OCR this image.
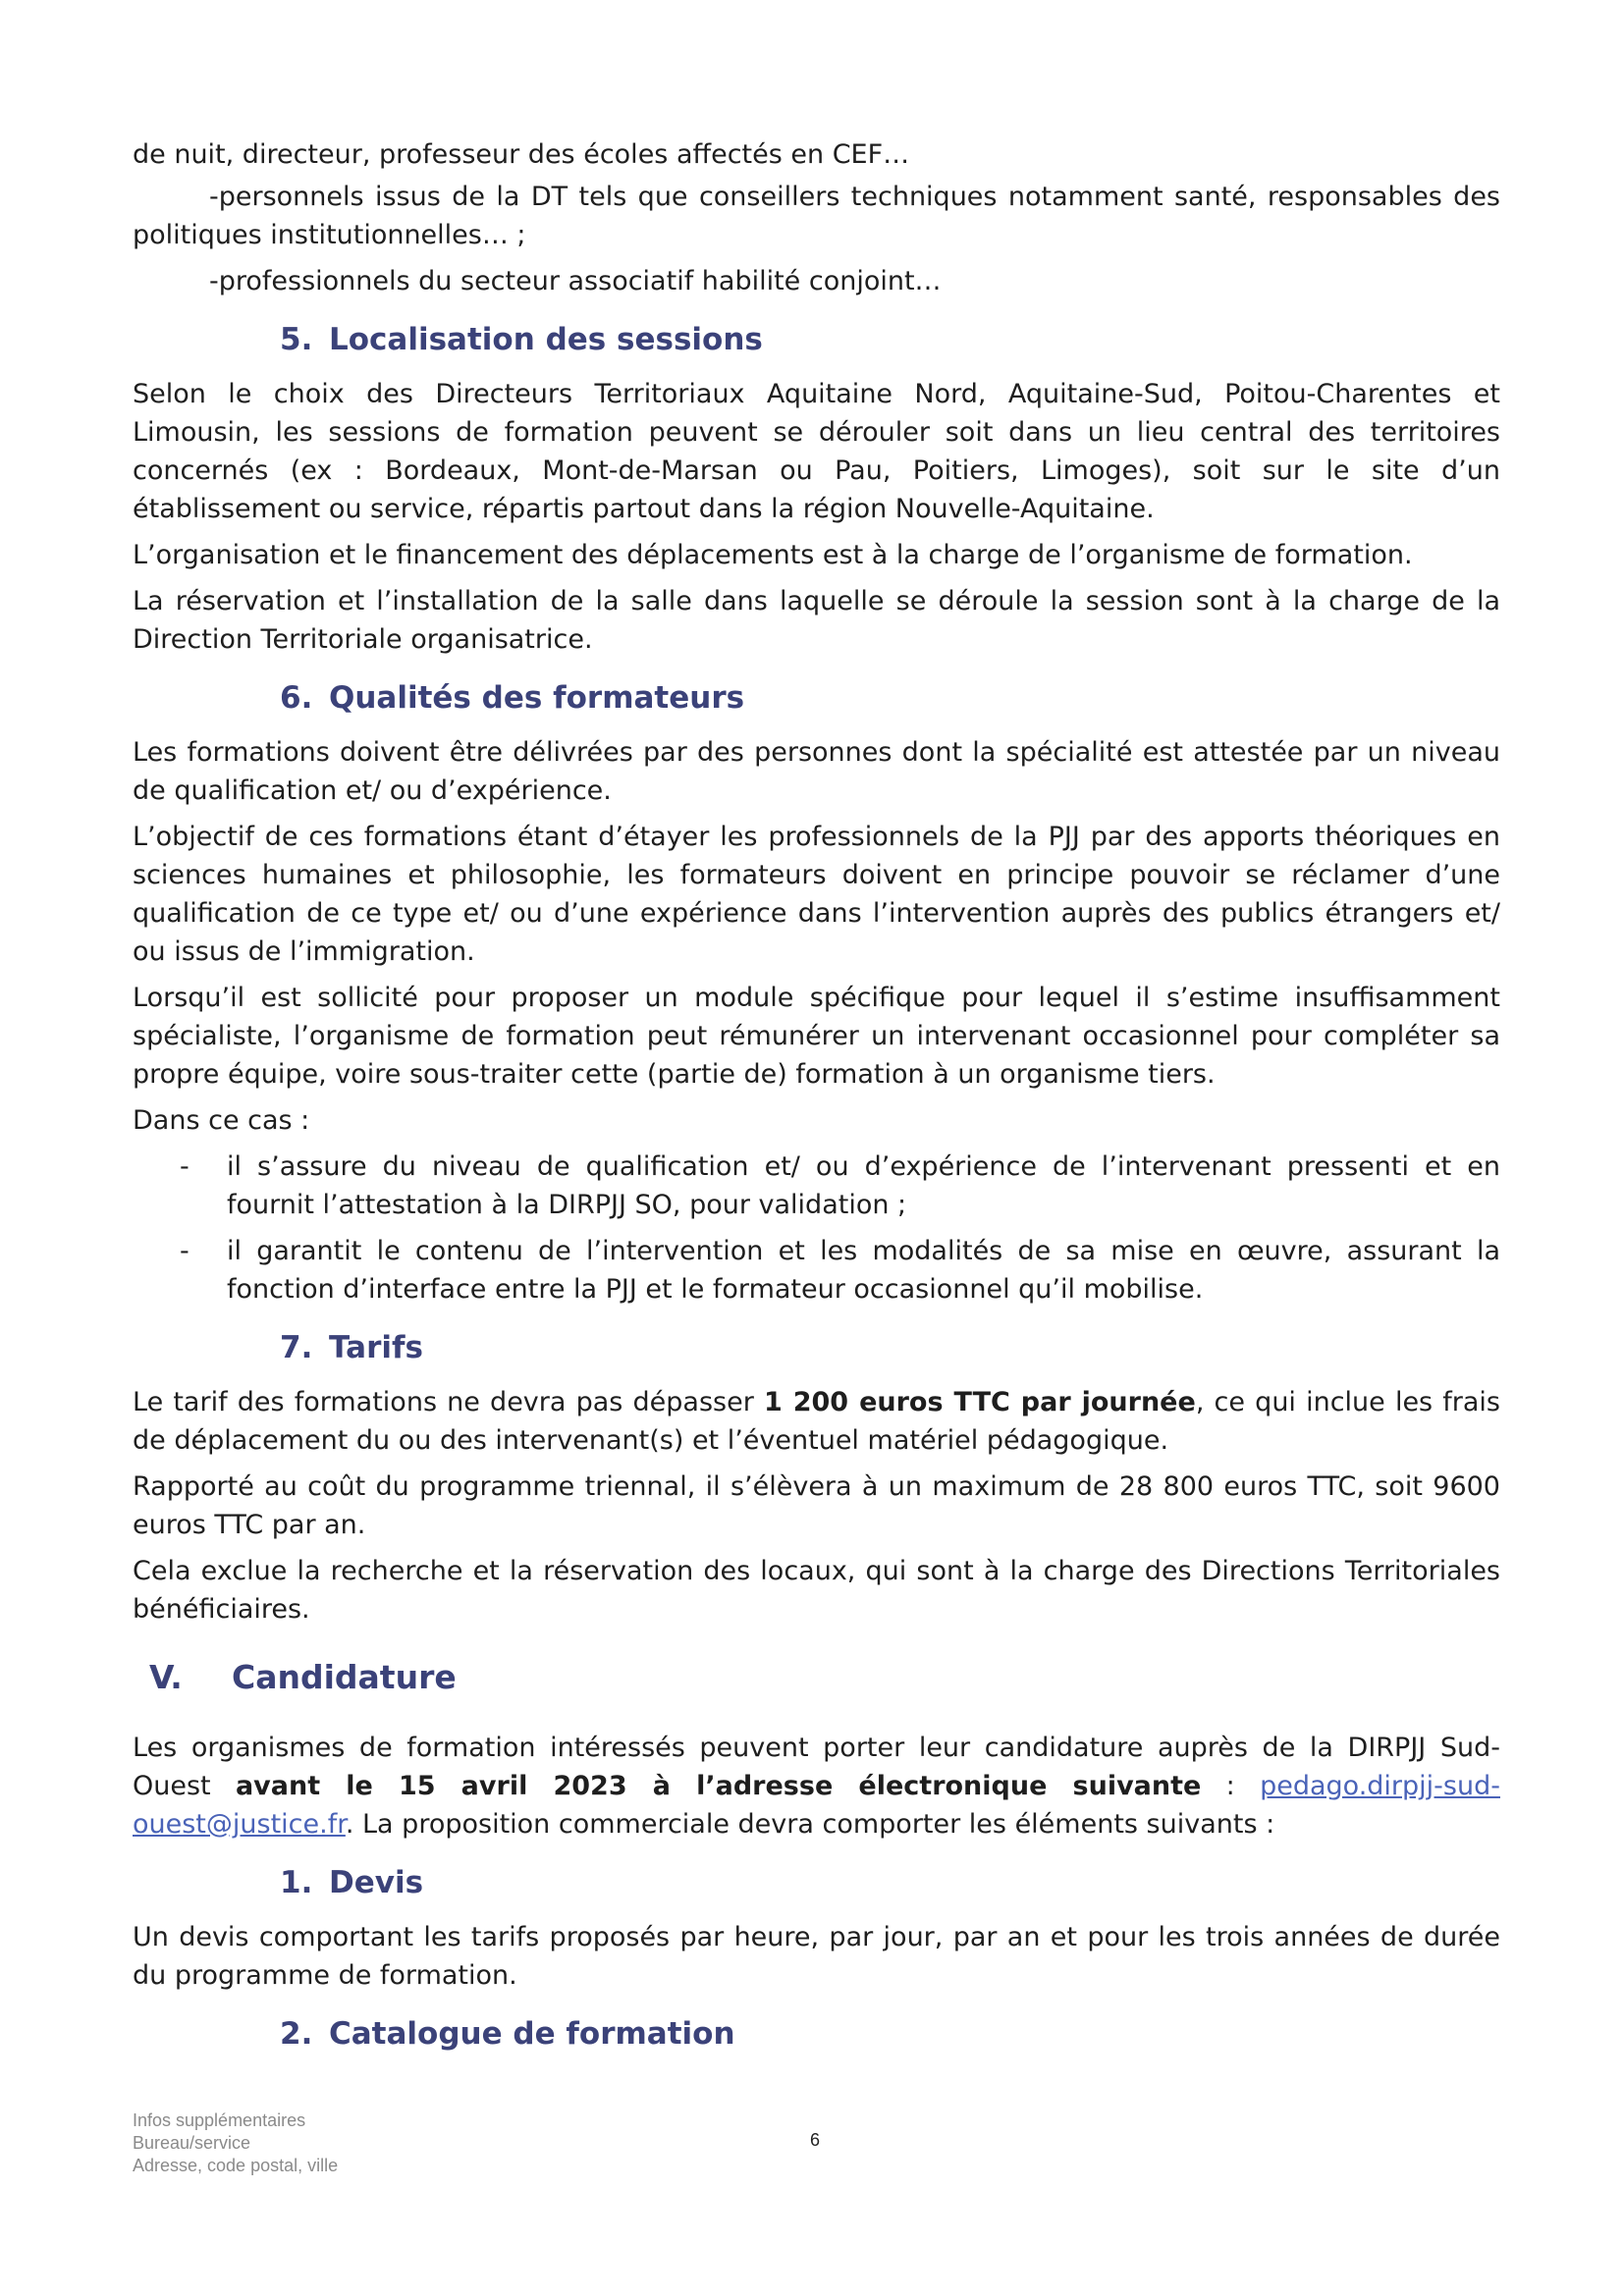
de nuit, directeur, professeur des écoles affectés en CEF…

-personnels issus de la DT tels que conseillers techniques notamment santé, responsables des politiques institutionnelles… ;

-professionnels du secteur associatif habilité conjoint…

5. Localisation des sessions

Selon le choix des Directeurs Territoriaux Aquitaine Nord, Aquitaine-Sud, Poitou-Charentes et Limousin, les sessions de formation peuvent se dérouler soit dans un lieu central des territoires concernés (ex : Bordeaux, Mont-de-Marsan ou Pau, Poitiers, Limoges), soit sur le site d’un établissement ou service, répartis partout dans la région Nouvelle-Aquitaine.

L’organisation et le financement des déplacements est à la charge de l’organisme de formation.

La réservation et l’installation de la salle dans laquelle se déroule la session sont à la charge de la Direction Territoriale organisatrice.

6. Qualités des formateurs

Les formations doivent être délivrées par des personnes dont la spécialité est attestée par un niveau de qualification et/ ou d’expérience.

L’objectif de ces formations étant d’étayer les professionnels de la PJJ par des apports théoriques en sciences humaines et philosophie, les formateurs doivent en principe pouvoir se réclamer d’une qualification de ce type et/ ou d’une expérience dans l’intervention auprès des publics étrangers et/ ou issus de l’immigration.

Lorsqu’il est sollicité pour proposer un module spécifique pour lequel il s’estime insuffisamment spécialiste, l’organisme de formation peut rémunérer un intervenant occasionnel pour compléter sa propre équipe, voire sous-traiter cette (partie de) formation à un organisme tiers.

Dans ce cas :

- il s’assure du niveau de qualification et/ ou d’expérience de l’intervenant pressenti et en fournit l’attestation à la DIRPJJ SO, pour validation ;
- il garantit le contenu de l’intervention et les modalités de sa mise en œuvre, assurant la fonction d’interface entre la PJJ et le formateur occasionnel qu’il mobilise.
7. Tarifs

Le tarif des formations ne devra pas dépasser 1 200 euros TTC par journée, ce qui inclue les frais de déplacement du ou des intervenant(s) et l’éventuel matériel pédagogique.

Rapporté au coût du programme triennal, il s’élèvera à un maximum de 28 800 euros TTC, soit 9600 euros TTC par an.

Cela exclue la recherche et la réservation des locaux, qui sont à la charge des Directions Territoriales bénéficiaires.

V. Candidature

Les organismes de formation intéressés peuvent porter leur candidature auprès de la DIRPJJ Sud-Ouest avant le 15 avril 2023 à l’adresse électronique suivante : pedago.dirpjj-sud-ouest@justice.fr. La proposition commerciale devra comporter les éléments suivants :

1. Devis

Un devis comportant les tarifs proposés par heure, par jour, par an et pour les trois années de durée du programme de formation.

2. Catalogue de formation
Infos supplémentaires
Bureau/service
Adresse, code postal, ville
6
